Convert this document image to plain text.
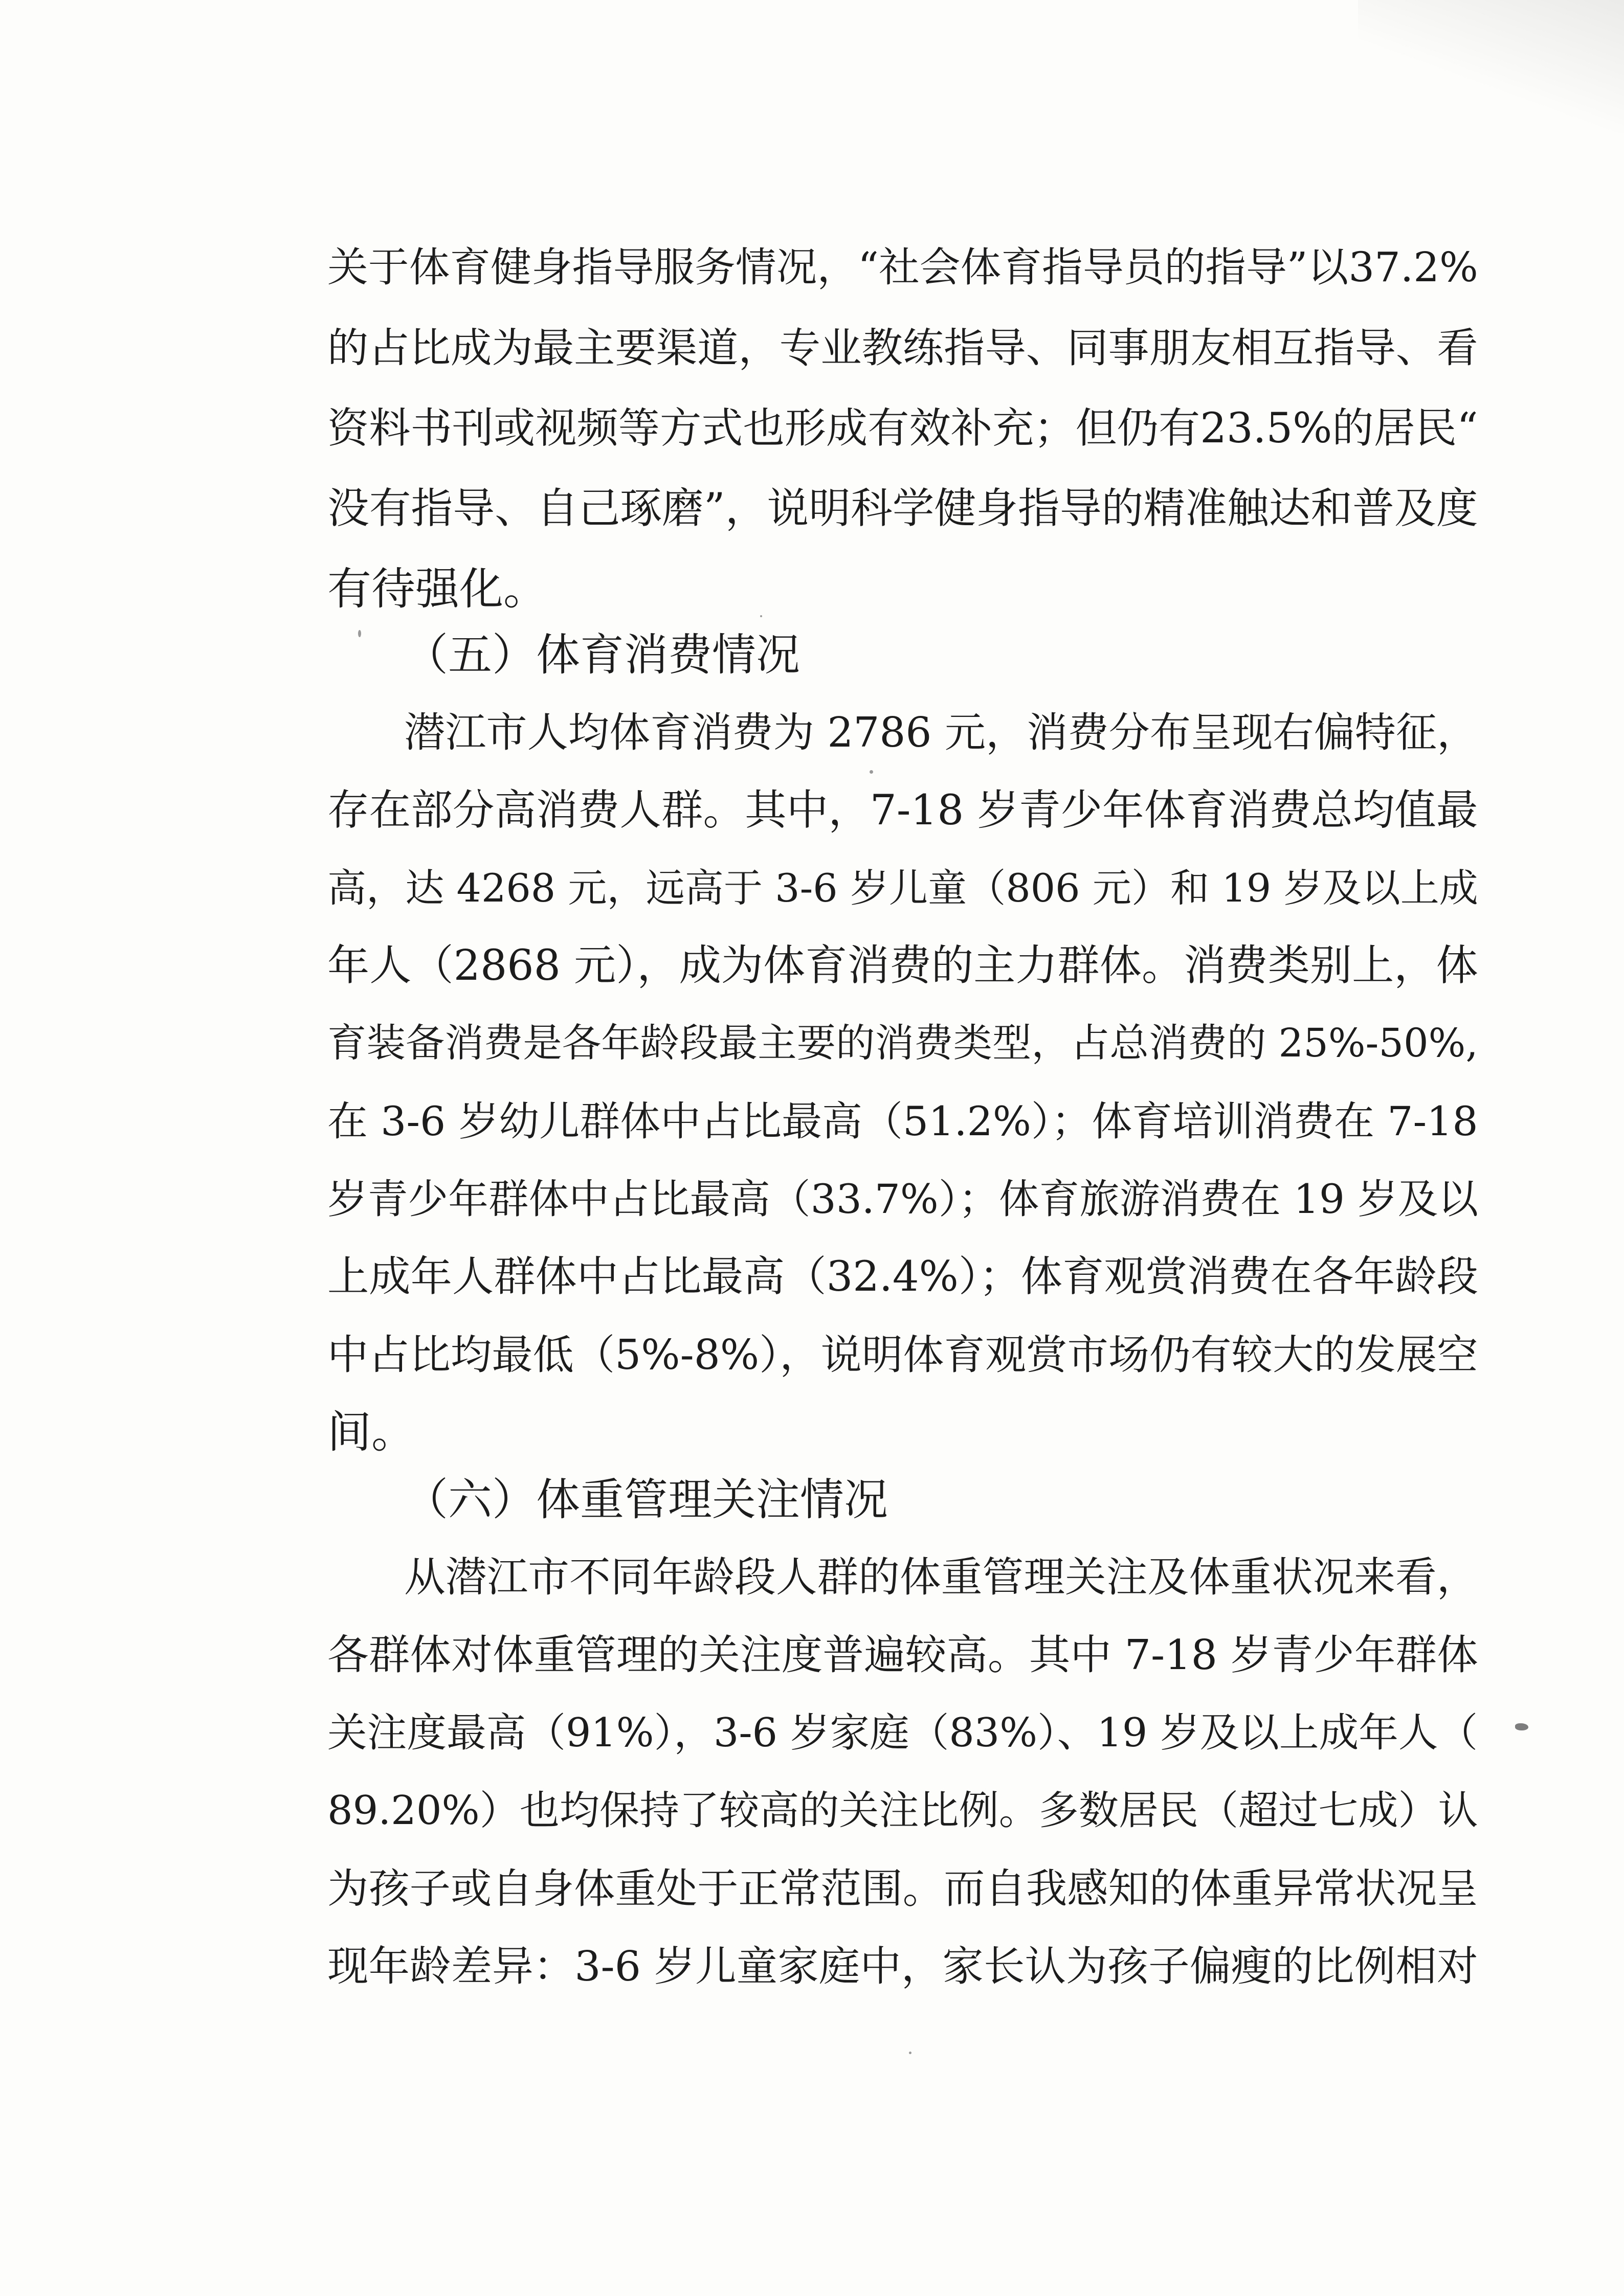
关于体育健身指导服务情况，“社会体育指导员的指导”以37.2%
的占比成为最主要渠道，专业教练指导、同事朋友相互指导、看
资料书刊或视频等方式也形成有效补充；但仍有23.5%的居民“
没有指导、自己琢磨”，说明科学健身指导的精准触达和普及度
有待强化。
（五）体育消费情况
潜江市人均体育消费为 2786 元，消费分布呈现右偏特征，
存在部分高消费人群。其中，7-18 岁青少年体育消费总均值最
高，达 4268 元，远高于 3-6 岁儿童（806 元）和 19 岁及以上成
年人（2868 元），成为体育消费的主力群体。消费类别上，体
育装备消费是各年龄段最主要的消费类型，占总消费的 25%-50%,
在 3-6 岁幼儿群体中占比最高（51.2%）；体育培训消费在 7-18
岁青少年群体中占比最高（33.7%）；体育旅游消费在 19 岁及以
上成年人群体中占比最高（32.4%）；体育观赏消费在各年龄段
中占比均最低（5%-8%），说明体育观赏市场仍有较大的发展空
间。
（六）体重管理关注情况
从潜江市不同年龄段人群的体重管理关注及体重状况来看，
各群体对体重管理的关注度普遍较高。其中 7-18 岁青少年群体
关注度最高（91%），3-6 岁家庭（83%）、19 岁及以上成年人（
89.20%）也均保持了较高的关注比例。多数居民（超过七成）认
为孩子或自身体重处于正常范围。而自我感知的体重异常状况呈
现年龄差异：3-6 岁儿童家庭中，家长认为孩子偏瘦的比例相对
